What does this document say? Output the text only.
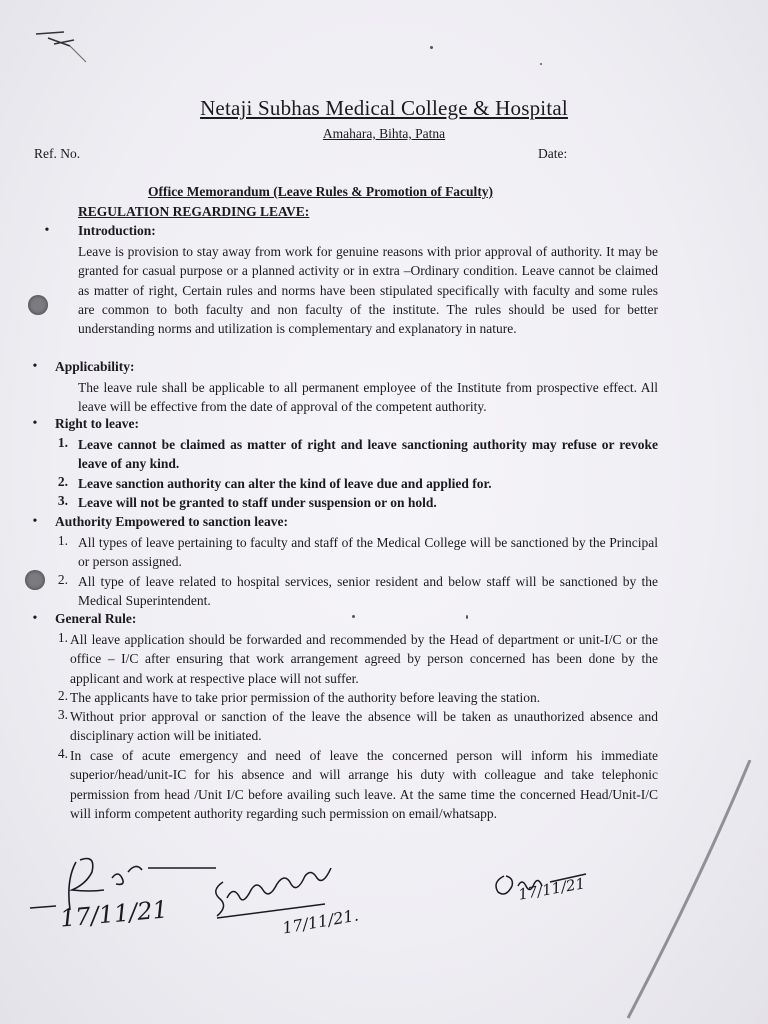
Netaji Subhas Medical College & Hospital
Amahara, Bihta, Patna
Ref. No.	Date:
Office Memorandum (Leave Rules & Promotion of Faculty)
REGULATION REGARDING LEAVE:
•	Introduction:
Leave is provision to stay away from work for genuine reasons with prior approval of authority. It may be granted for casual purpose or a planned activity or in extra –Ordinary condition. Leave cannot be claimed as matter of right, Certain rules and norms have been stipulated specifically with faculty and some rules are common to both faculty and non faculty of the institute. The rules should be used for better understanding norms and utilization is complementary and explanatory in nature.
•	Applicability:
The leave rule shall be applicable to all permanent employee of the Institute from prospective effect. All leave will be effective from the date of approval of the competent authority.
•	Right to leave:
1. Leave cannot be claimed as matter of right and leave sanctioning authority may refuse or revoke leave of any kind.
2. Leave sanction authority can alter the kind of leave due and applied for.
3. Leave will not be granted to staff under suspension or on hold.
•	Authority Empowered to sanction leave:
1. All types of leave pertaining to faculty and staff of the Medical College will be sanctioned by the Principal or person assigned.
2. All type of leave related to hospital services, senior resident and below staff will be sanctioned by the Medical Superintendent.
•	General Rule:
1. All leave application should be forwarded and recommended by the Head of department or unit-I/C or the office – I/C after ensuring that work arrangement agreed by person concerned has been done by the applicant and work at respective place will not suffer.
2. The applicants have to take prior permission of the authority before leaving the station.
3. Without prior approval or sanction of the leave the absence will be taken as unauthorized absence and disciplinary action will be initiated.
4. In case of acute emergency and need of leave the concerned person will inform his immediate superior/head/unit-IC for his absence and will arrange his duty with colleague and take telephonic permission from head /Unit I/C before availing such leave. At the same time the concerned Head/Unit-I/C will inform competent authority regarding such permission on email/whatsapp.
17/11/21	17/11/21.
17/11/21
